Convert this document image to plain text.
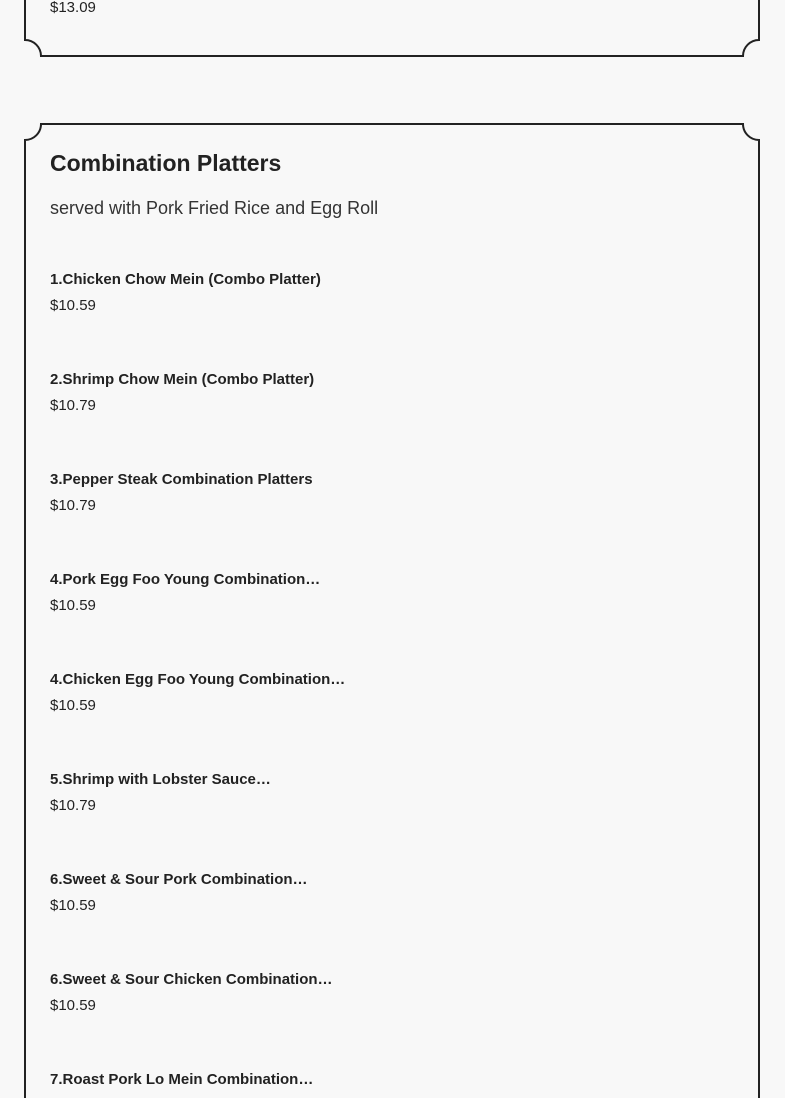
$13.09
Combination Platters

served with Pork Fried Rice and Egg Roll

1.Chicken Chow Mein (Combo Platter)
$10.59
2.Shrimp Chow Mein (Combo Platter)
$10.79
3.Pepper Steak Combination Platters
$10.79
4.Pork Egg Foo Young Combination…
$10.59
4.Chicken Egg Foo Young Combination…
$10.59
5.Shrimp with Lobster Sauce…
$10.79
6.Sweet & Sour Pork Combination…
$10.59
6.Sweet & Sour Chicken Combination…
$10.59
7.Roast Pork Lo Mein Combination…
